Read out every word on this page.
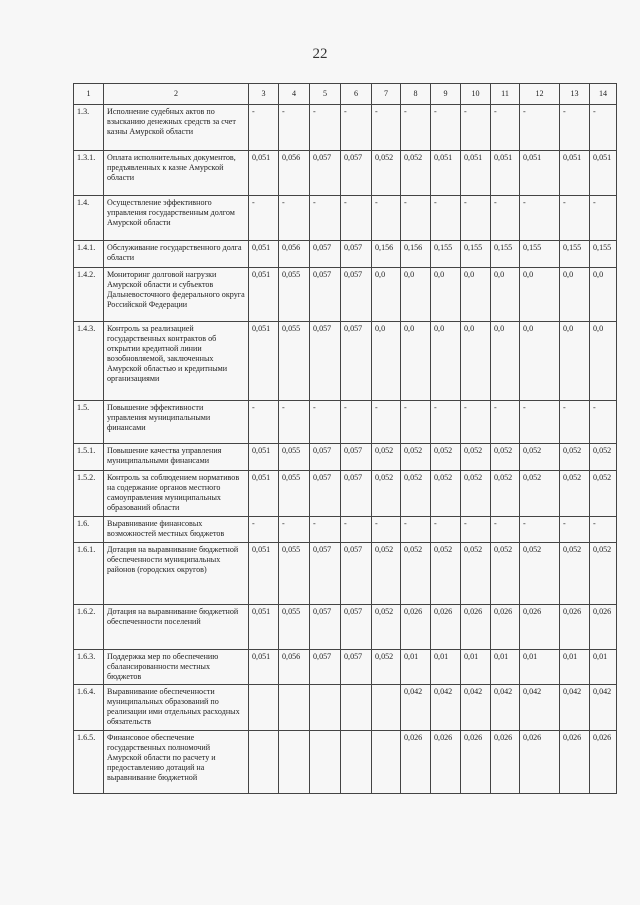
22
1	2	3	4	5	6	7	8	9	10	11	12	13	14
1.3.	Исполнение судебных актов по взысканию денежных средств за счет казны Амурской области	-	-	-	-	-	-	-	-	-	-	-	-
1.3.1.	Оплата исполнительных документов, предъявленных к казне Амурской области	0,051	0,056	0,057	0,057	0,052	0,052	0,051	0,051	0,051	0,051	0,051	0,051
1.4.	Осуществление эффективного управления государственным долгом Амурской области	-	-	-	-	-	-	-	-	-	-	-	-
1.4.1.	Обслуживание государственного долга области	0,051	0,056	0,057	0,057	0,156	0,156	0,155	0,155	0,155	0,155	0,155	0,155
1.4.2.	Мониторинг долговой нагрузки Амурской области и субъектов Дальневосточного федерального округа Российской Федерации	0,051	0,055	0,057	0,057	0,0	0,0	0,0	0,0	0,0	0,0	0,0	0,0
1.4.3.	Контроль за реализацией государственных контрактов об открытии кредитной линии возобновляемой, заключенных Амурской областью и кредитными организациями	0,051	0,055	0,057	0,057	0,0	0,0	0,0	0,0	0,0	0,0	0,0	0,0
1.5.	Повышение эффективности управления муниципальными финансами	-	-	-	-	-	-	-	-	-	-	-	-
1.5.1.	Повышение качества управления муниципальными финансами	0,051	0,055	0,057	0,057	0,052	0,052	0,052	0,052	0,052	0,052	0,052	0,052
1.5.2.	Контроль за соблюдением нормативов на содержание органов местного самоуправления муниципальных образований области	0,051	0,055	0,057	0,057	0,052	0,052	0,052	0,052	0,052	0,052	0,052	0,052
1.6.	Выравнивание финансовых возможностей местных бюджетов	-	-	-	-	-	-	-	-	-	-	-	-
1.6.1.	Дотация на выравнивание бюджетной обеспеченности муниципальных районов (городских округов)	0,051	0,055	0,057	0,057	0,052	0,052	0,052	0,052	0,052	0,052	0,052	0,052
1.6.2.	Дотация на выравнивание бюджетной обеспеченности поселений	0,051	0,055	0,057	0,057	0,052	0,026	0,026	0,026	0,026	0,026	0,026	0,026
1.6.3.	Поддержка мер по обеспечению сбалансированности местных бюджетов	0,051	0,056	0,057	0,057	0,052	0,01	0,01	0,01	0,01	0,01	0,01	0,01
1.6.4.	Выравнивание обеспеченности муниципальных образований по реализации ими отдельных расходных обязательств						0,042	0,042	0,042	0,042	0,042	0,042	0,042
1.6.5.	Финансовое обеспечение государственных полномочий Амурской области по расчету и предоставлению дотаций на выравнивание бюджетной						0,026	0,026	0,026	0,026	0,026	0,026	0,026
